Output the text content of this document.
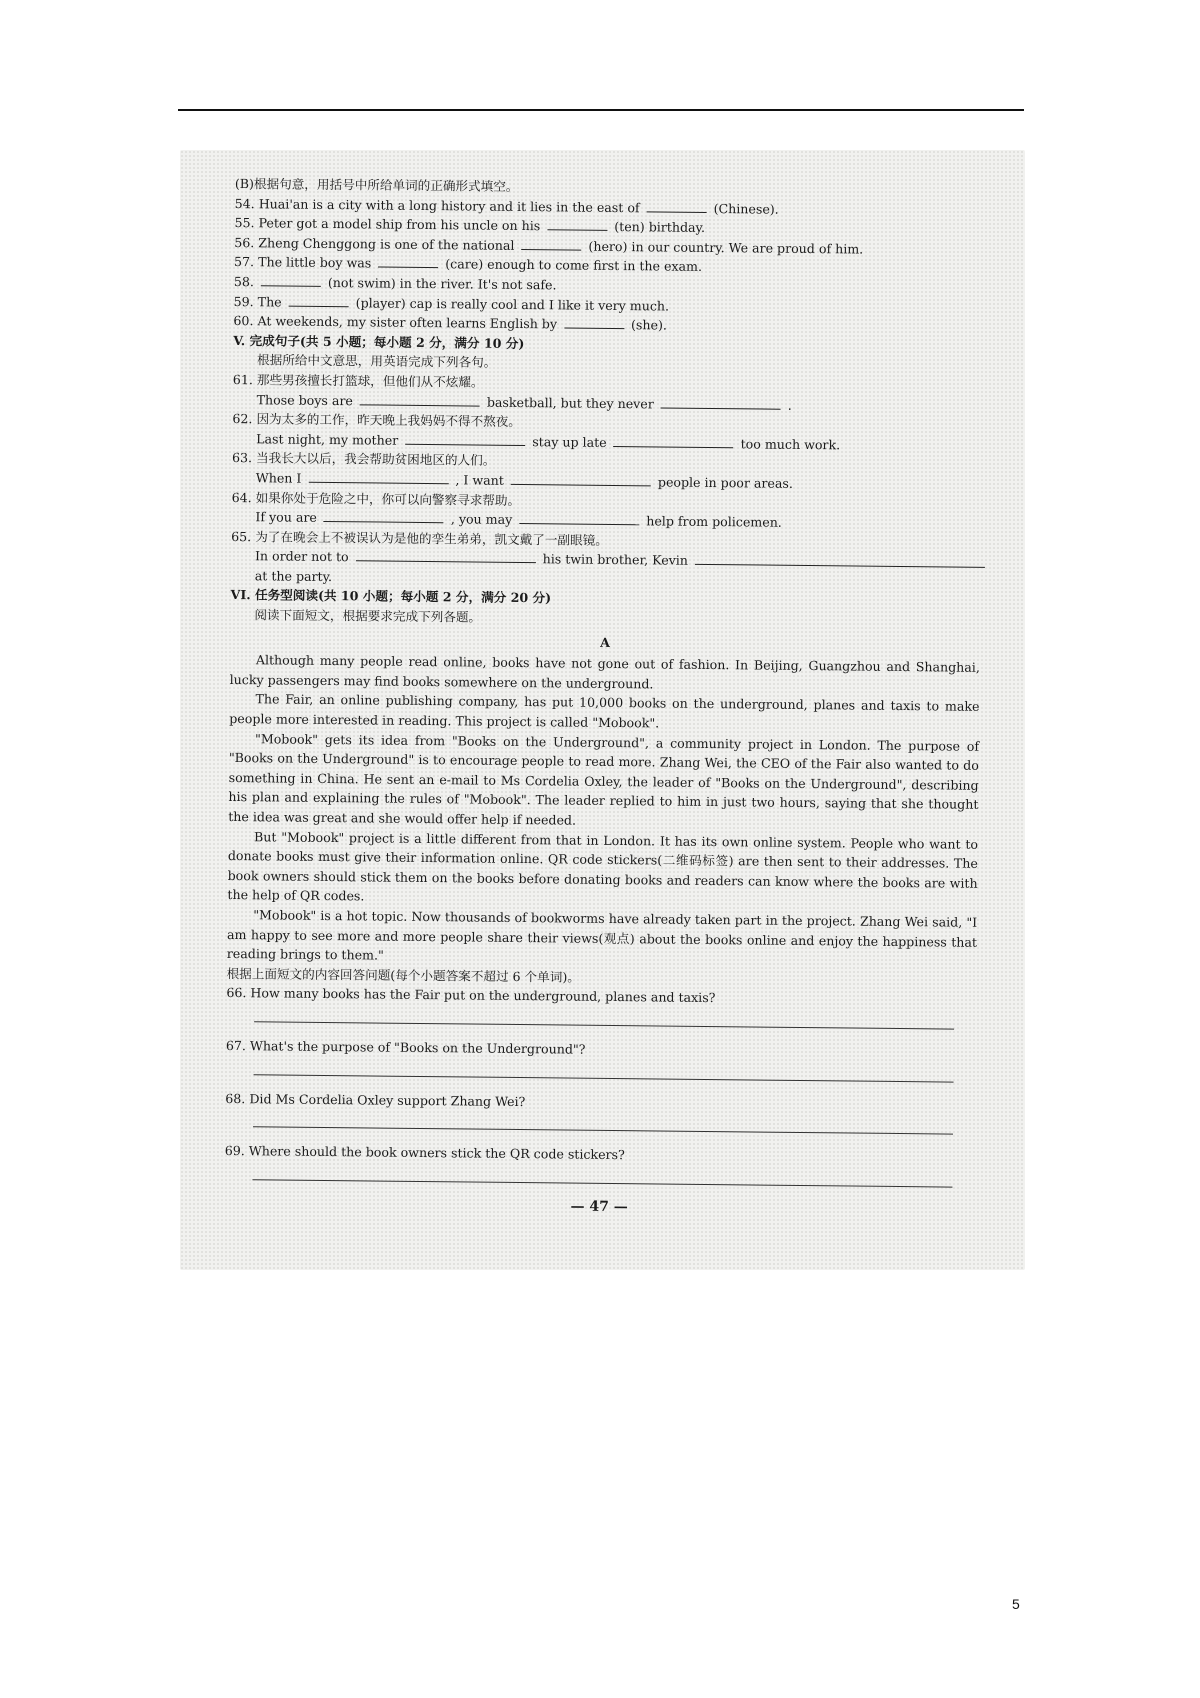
(B)根据句意，用括号中所给单词的正确形式填空。
54. Huai'an is a city with a long history and it lies in the east of	(Chinese).
55. Peter got a model ship from his uncle on his	(ten) birthday.
56. Zheng Chenggong is one of the national	(hero) in our country. We are proud of him.
57. The little boy was	(care) enough to come first in the exam.
58.	(not swim) in the river. It's not safe.
59. The	(player) cap is really cool and I like it very much.
60. At weekends, my sister often learns English by	(she).
V. 完成句子(共 5 小题；每小题 2 分，满分 10 分)
根据所给中文意思，用英语完成下列各句。
61. 那些男孩擅长打篮球，但他们从不炫耀。
Those boys are	basketball, but they never	.
62. 因为太多的工作，昨天晚上我妈妈不得不熬夜。
Last night, my mother	stay up late	too much work.
63. 当我长大以后，我会帮助贫困地区的人们。
When I	, I want	people in poor areas.
64. 如果你处于危险之中，你可以向警察寻求帮助。
If you are	, you may	help from policemen.
65. 为了在晚会上不被误认为是他的孪生弟弟，凯文戴了一副眼镜。
In order not to	his twin brother, Kevin
at the party.
VI. 任务型阅读(共 10 小题；每小题 2 分，满分 20 分)
阅读下面短文，根据要求完成下列各题。
A
Although many people read online, books have not gone out of fashion. In Beijing, Guangzhou and Shanghai, lucky passengers may find books somewhere on the underground.
The Fair, an online publishing company, has put 10,000 books on the underground, planes and taxis to make people more interested in reading. This project is called "Mobook".
"Mobook" gets its idea from "Books on the Underground", a community project in London. The purpose of "Books on the Underground" is to encourage people to read more. Zhang Wei, the CEO of the Fair also wanted to do something in China. He sent an e-mail to Ms Cordelia Oxley, the leader of "Books on the Underground", describing his plan and explaining the rules of "Mobook". The leader replied to him in just two hours, saying that she thought the idea was great and she would offer help if needed.
But "Mobook" project is a little different from that in London. It has its own online system. People who want to donate books must give their information online. QR code stickers(二维码标签) are then sent to their addresses. The book owners should stick them on the books before donating books and readers can know where the books are with the help of QR codes.
"Mobook" is a hot topic. Now thousands of bookworms have already taken part in the project. Zhang Wei said, "I am happy to see more and more people share their views(观点) about the books online and enjoy the happiness that reading brings to them."
根据上面短文的内容回答问题(每个小题答案不超过 6 个单词)。
66. How many books has the Fair put on the underground, planes and taxis?
67. What's the purpose of "Books on the Underground"?
68. Did Ms Cordelia Oxley support Zhang Wei?
69. Where should the book owners stick the QR code stickers?
— 47 —
5
